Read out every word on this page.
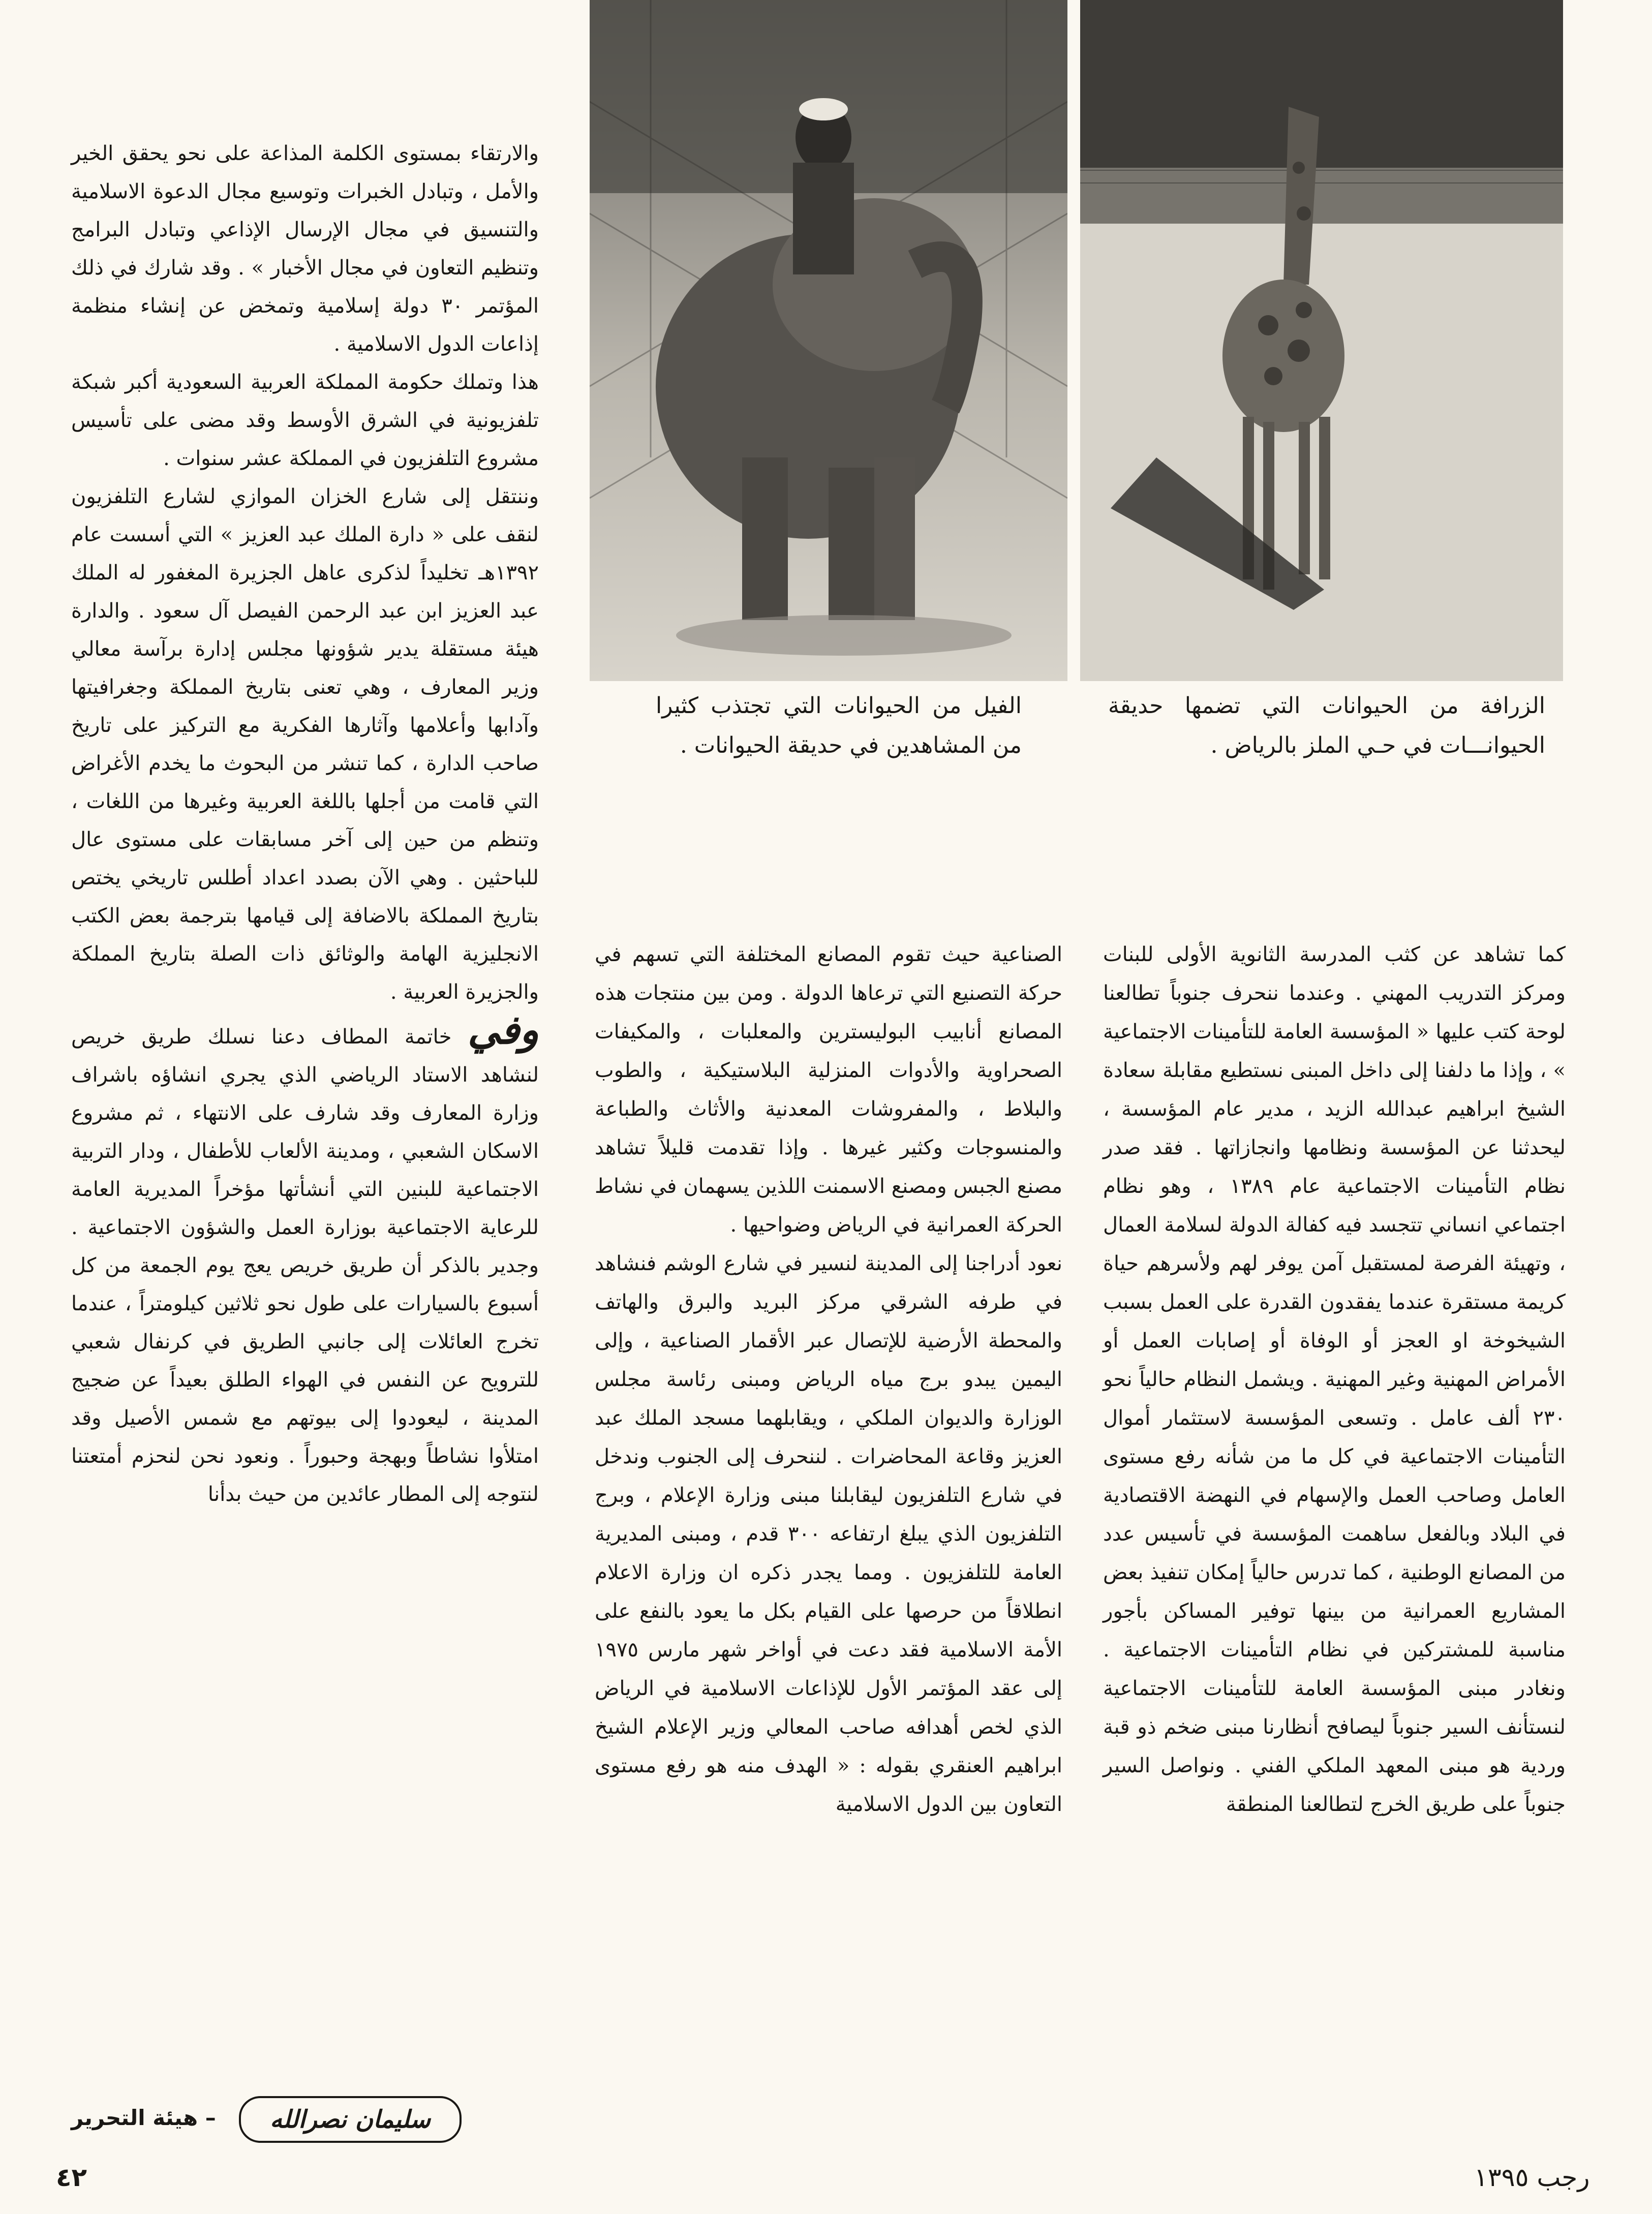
الفيل من الحيوانات التي تجتذب كثيرا من المشاهدين في حديقة الحيوانات .
الزرافة من الحيوانات التي تضمها حديقة الحيوانـــات في حـي الملز بالرياض .

والارتقاء بمستوى الكلمة المذاعة على نحو يحقق الخير والأمل ، وتبادل الخبرات وتوسيع مجال الدعوة الاسلامية والتنسيق في مجال الإرسال الإذاعي وتبادل البرامج وتنظيم التعاون في مجال الأخبار » . وقد شارك في ذلك المؤتمر ٣٠ دولة إسلامية وتمخض عن إنشاء منظمة إذاعات الدول الاسلامية .

هذا وتملك حكومة المملكة العربية السعودية أكبر شبكة تلفزيونية في الشرق الأوسط وقد مضى على تأسيس مشروع التلفزيون في المملكة عشر سنوات .

وننتقل إلى شارع الخزان الموازي لشارع التلفزيون لنقف على « دارة الملك عبد العزيز » التي أسست عام ١٣٩٢هـ تخليداً لذكرى عاهل الجزيرة المغفور له الملك عبد العزيز ابن عبد الرحمن الفيصل آل سعود . والدارة هيئة مستقلة يدير شؤونها مجلس إدارة برآسة معالي وزير المعارف ، وهي تعنى بتاريخ المملكة وجغرافيتها وآدابها وأعلامها وآثارها الفكرية مع التركيز على تاريخ صاحب الدارة ، كما تنشر من البحوث ما يخدم الأغراض التي قامت من أجلها باللغة العربية وغيرها من اللغات ، وتنظم من حين إلى آخر مسابقات على مستوى عال للباحثين . وهي الآن بصدد اعداد أطلس تاريخي يختص بتاريخ المملكة بالاضافة إلى قيامها بترجمة بعض الكتب الانجليزية الهامة والوثائق ذات الصلة بتاريخ المملكة والجزيرة العربية .

وفي خاتمة المطاف دعنا نسلك طريق خريص لنشاهد الاستاد الرياضي الذي يجري انشاؤه باشراف وزارة المعارف وقد شارف على الانتهاء ، ثم مشروع الاسكان الشعبي ، ومدينة الألعاب للأطفال ، ودار التربية الاجتماعية للبنين التي أنشأتها مؤخراً المديرية العامة للرعاية الاجتماعية بوزارة العمل والشؤون الاجتماعية . وجدير بالذكر أن طريق خريص يعج يوم الجمعة من كل أسبوع بالسيارات على طول نحو ثلاثين كيلومتراً ، عندما تخرج العائلات إلى جانبي الطريق في كرنفال شعبي للترويح عن النفس في الهواء الطلق بعيداً عن ضجيج المدينة ، ليعودوا إلى بيوتهم مع شمس الأصيل وقد امتلأوا نشاطاً وبهجة وحبوراً . ونعود نحن لنحزم أمتعتنا لنتوجه إلى المطار عائدين من حيث بدأنا

الصناعية حيث تقوم المصانع المختلفة التي تسهم في حركة التصنيع التي ترعاها الدولة . ومن بين منتجات هذه المصانع أنابيب البوليسترين والمعلبات ، والمكيفات الصحراوية والأدوات المنزلية البلاستيكية ، والطوب والبلاط ، والمفروشات المعدنية والأثاث والطباعة والمنسوجات وكثير غيرها . وإذا تقدمت قليلاً تشاهد مصنع الجبس ومصنع الاسمنت اللذين يسهمان في نشاط الحركة العمرانية في الرياض وضواحيها .

نعود أدراجنا إلى المدينة لنسير في شارع الوشم فنشاهد في طرفه الشرقي مركز البريد والبرق والهاتف والمحطة الأرضية للإتصال عبر الأقمار الصناعية ، وإلى اليمين يبدو برج مياه الرياض ومبنى رئاسة مجلس الوزارة والديوان الملكي ، ويقابلهما مسجد الملك عبد العزيز وقاعة المحاضرات . لننحرف إلى الجنوب وندخل في شارع التلفزيون ليقابلنا مبنى وزارة الإعلام ، وبرج التلفزيون الذي يبلغ ارتفاعه ٣٠٠ قدم ، ومبنى المديرية العامة للتلفزيون . ومما يجدر ذكره ان وزارة الاعلام انطلاقاً من حرصها على القيام بكل ما يعود بالنفع على الأمة الاسلامية فقد دعت في أواخر شهر مارس ١٩٧٥ إلى عقد المؤتمر الأول للإذاعات الاسلامية في الرياض الذي لخص أهدافه صاحب المعالي وزير الإعلام الشيخ ابراهيم العنقري بقوله : « الهدف منه هو رفع مستوى التعاون بين الدول الاسلامية

كما تشاهد عن كثب المدرسة الثانوية الأولى للبنات ومركز التدريب المهني . وعندما ننحرف جنوباً تطالعنا لوحة كتب عليها « المؤسسة العامة للتأمينات الاجتماعية » ، وإذا ما دلفنا إلى داخل المبنى نستطيع مقابلة سعادة الشيخ ابراهيم عبدالله الزيد ، مدير عام المؤسسة ، ليحدثنا عن المؤسسة ونظامها وانجازاتها . فقد صدر نظام التأمينات الاجتماعية عام ١٣٨٩ ، وهو نظام اجتماعي انساني تتجسد فيه كفالة الدولة لسلامة العمال ، وتهيئة الفرصة لمستقبل آمن يوفر لهم ولأسرهم حياة كريمة مستقرة عندما يفقدون القدرة على العمل بسبب الشيخوخة او العجز أو الوفاة أو إصابات العمل أو الأمراض المهنية وغير المهنية . ويشمل النظام حالياً نحو ٢٣٠ ألف عامل . وتسعى المؤسسة لاستثمار أموال التأمينات الاجتماعية في كل ما من شأنه رفع مستوى العامل وصاحب العمل والإسهام في النهضة الاقتصادية في البلاد وبالفعل ساهمت المؤسسة في تأسيس عدد من المصانع الوطنية ، كما تدرس حالياً إمكان تنفيذ بعض المشاريع العمرانية من بينها توفير المساكن بأجور مناسبة للمشتركين في نظام التأمينات الاجتماعية . ونغادر مبنى المؤسسة العامة للتأمينات الاجتماعية لنستأنف السير جنوباً ليصافح أنظارنا مبنى ضخم ذو قبة وردية هو مبنى المعهد الملكي الفني . ونواصل السير جنوباً على طريق الخرج لتطالعنا المنطقة

– هيئة التحرير	سليمان نصرالله
٤٢	رجب ١٣٩٥
